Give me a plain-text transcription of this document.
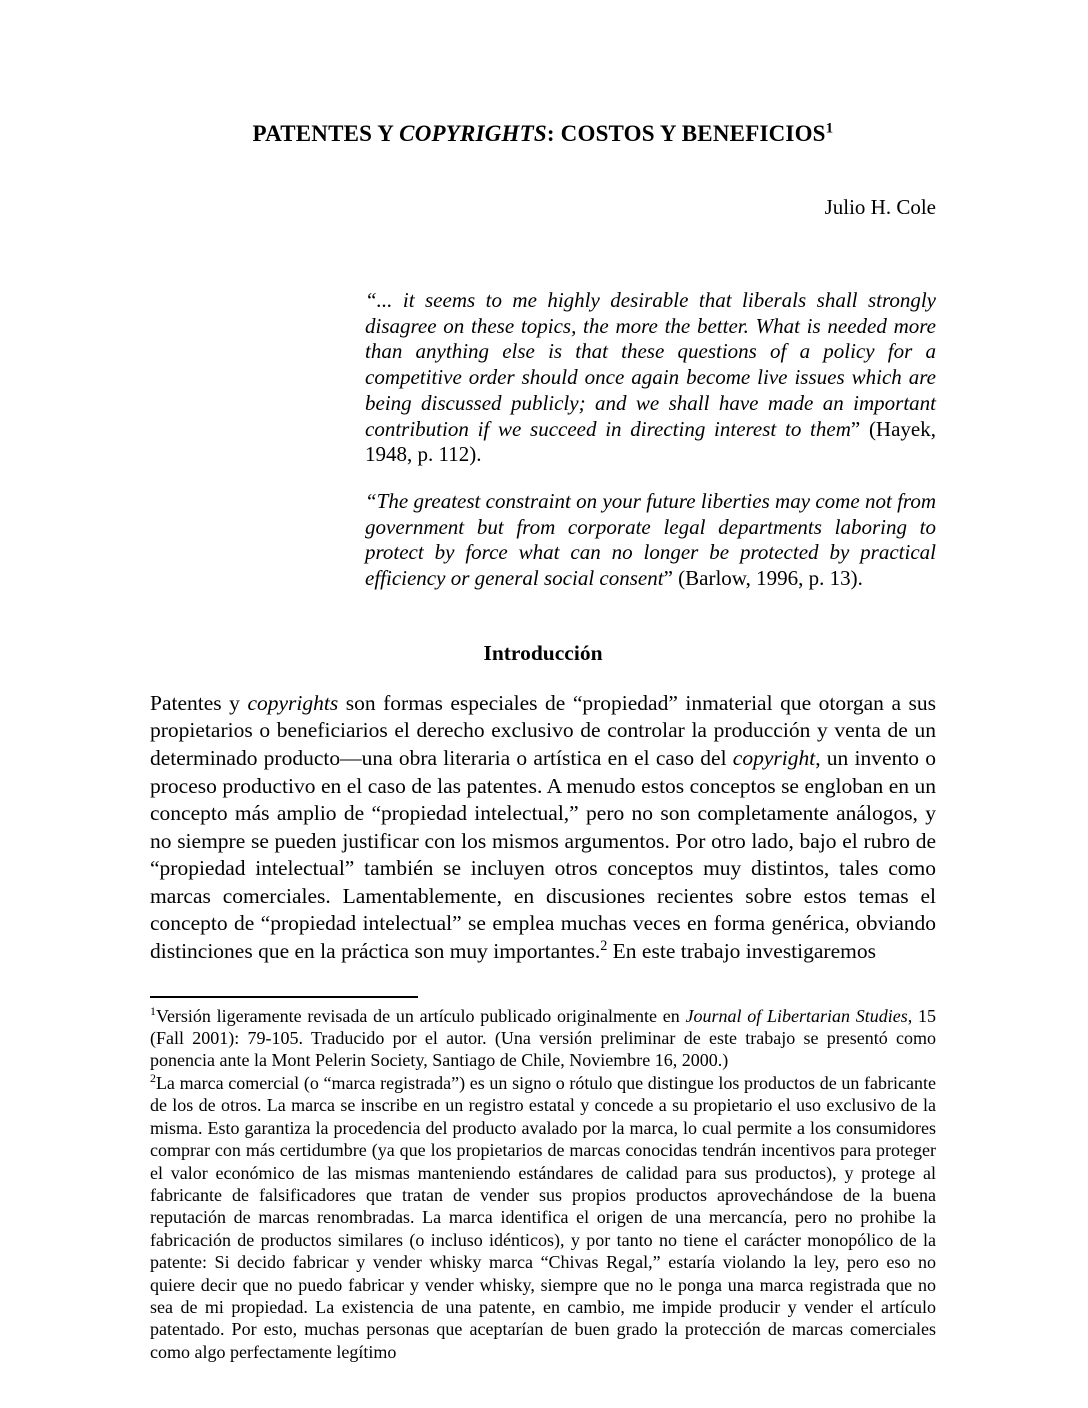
PATENTES Y COPYRIGHTS: COSTOS Y BENEFICIOS$^1$
Julio H. Cole
“... it seems to me highly desirable that liberals shall strongly disagree on these topics, the more the better. What is needed more than anything else is that these questions of a policy for a competitive order should once again become live issues which are being discussed publicly; and we shall have made an important contribution if we succeed in directing interest to them” (Hayek, 1948, p. 112).
“The greatest constraint on your future liberties may come not from government but from corporate legal departments laboring to protect by force what can no longer be protected by practical efficiency or general social consent” (Barlow, 1996, p. 13).
Introducción

Patentes y copyrights son formas especiales de “propiedad” inmaterial que otorgan a sus propietarios o beneficiarios el derecho exclusivo de controlar la producción y venta de un determinado producto—una obra literaria o artística en el caso del copyright, un invento o proceso productivo en el caso de las patentes. A menudo estos conceptos se engloban en un concepto más amplio de “propiedad intelectual,” pero no son completamente análogos, y no siempre se pueden justificar con los mismos argumentos. Por otro lado, bajo el rubro de “propiedad intelectual” también se incluyen otros conceptos muy distintos, tales como marcas comerciales. Lamentablemente, en discusiones recientes sobre estos temas el concepto de “propiedad intelectual” se emplea muchas veces en forma genérica, obviando distinciones que en la práctica son muy importantes.$^2$ En este trabajo investigaremos

$^1$Versión ligeramente revisada de un artículo publicado originalmente en Journal of Libertarian Studies, 15 (Fall 2001): 79-105. Traducido por el autor. (Una versión preliminar de este trabajo se presentó como ponencia ante la Mont Pelerin Society, Santiago de Chile, Noviembre 16, 2000.)

$^2$La marca comercial (o “marca registrada”) es un signo o rótulo que distingue los productos de un fabricante de los de otros. La marca se inscribe en un registro estatal y concede a su propietario el uso exclusivo de la misma. Esto garantiza la procedencia del producto avalado por la marca, lo cual permite a los consumidores comprar con más certidumbre (ya que los propietarios de marcas conocidas tendrán incentivos para proteger el valor económico de las mismas manteniendo estándares de calidad para sus productos), y protege al fabricante de falsificadores que tratan de vender sus propios productos aprovechándose de la buena reputación de marcas renombradas. La marca identifica el origen de una mercancía, pero no prohibe la fabricación de productos similares (o incluso idénticos), y por tanto no tiene el carácter monopólico de la patente: Si decido fabricar y vender whisky marca “Chivas Regal,” estaría violando la ley, pero eso no quiere decir que no puedo fabricar y vender whisky, siempre que no le ponga una marca registrada que no sea de mi propiedad. La existencia de una patente, en cambio, me impide producir y vender el artículo patentado. Por esto, muchas personas que aceptarían de buen grado la protección de marcas comerciales como algo perfectamente legítimo
